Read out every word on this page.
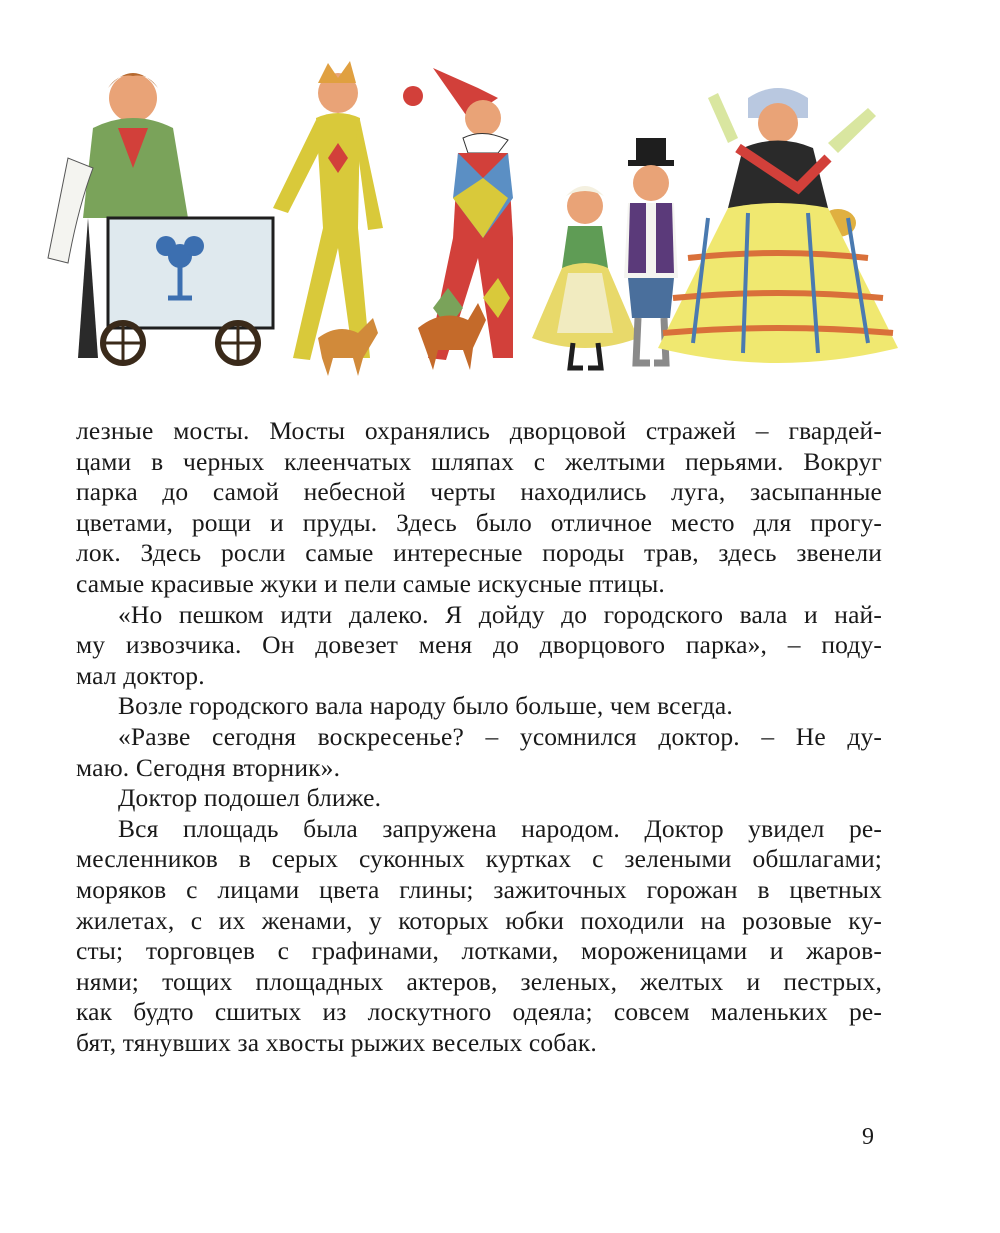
лезные мосты. Мосты охранялись дворцовой стражей – гвардей-
цами в черных клеенчатых шляпах с желтыми перьями. Вокруг
парка до самой небесной черты находились луга, засыпанные
цветами, рощи и пруды. Здесь было отличное место для прогу-
лок. Здесь росли самые интересные породы трав, здесь звенели
самые красивые жуки и пели самые искусные птицы.

«Но пешком идти далеко. Я дойду до городского вала и най-
му извозчика. Он довезет меня до дворцового парка», – поду-
мал доктор.

Возле городского вала народу было больше, чем всегда.

«Разве сегодня воскресенье? – усомнился доктор. – Не ду-
маю. Сегодня вторник».

Доктор подошел ближе.

Вся площадь была запружена народом. Доктор увидел ре-
месленников в серых суконных куртках с зелеными обшлагами;
моряков с лицами цвета глины; зажиточных горожан в цветных
жилетах, с их женами, у которых юбки походили на розовые ку-
сты; торговцев с графинами, лотками, мороженицами и жаров-
нями; тощих площадных актеров, зеленых, желтых и пестрых,
как будто сшитых из лоскутного одеяла; совсем маленьких ре-
бят, тянувших за хвосты рыжих веселых собак.

9
